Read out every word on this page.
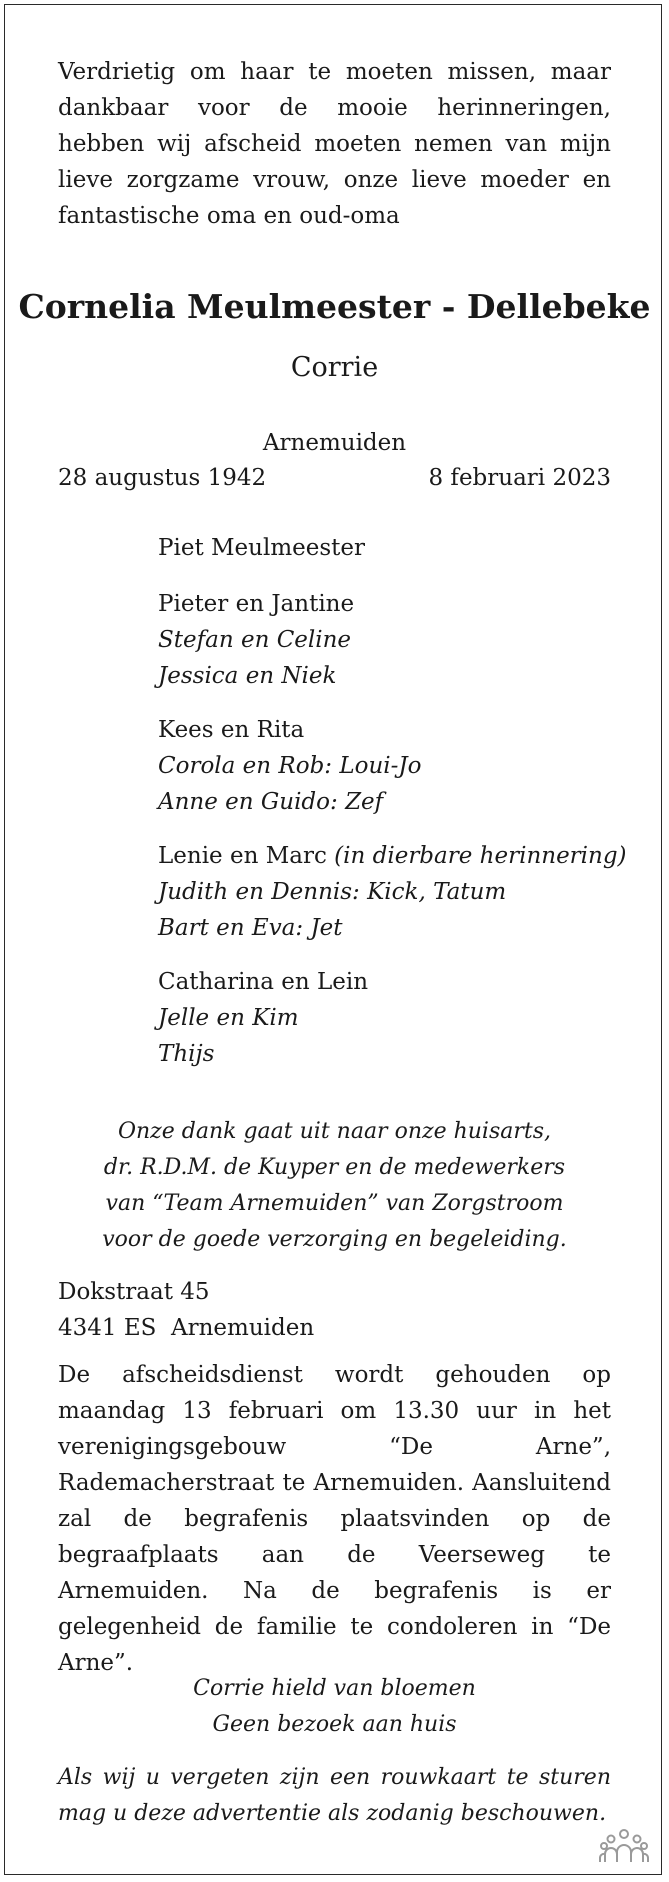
Verdrietig om haar te moeten missen, maar dankbaar voor de mooie herinneringen, hebben wij afscheid moeten nemen van mijn lieve zorgzame vrouw, onze lieve moeder en fantastische oma en oud-oma

Cornelia Meulmeester - Dellebeke
Corrie
Arnemuiden
28 augustus 1942	8 februari 2023
Piet Meulmeester
Pieter en Jantine
Stefan en Celine
Jessica en Niek
Kees en Rita
Corola en Rob: Loui-Jo
Anne en Guido: Zef
Lenie en Marc (in dierbare herinnering)
Judith en Dennis: Kick, Tatum
Bart en Eva: Jet
Catharina en Lein
Jelle en Kim
Thijs
Onze dank gaat uit naar onze huisarts,
dr. R.D.M. de Kuyper en de medewerkers
van “Team Arnemuiden” van Zorgstroom
voor de goede verzorging en begeleiding.
Dokstraat 45
4341 ES  Arnemuiden

De afscheidsdienst wordt gehouden op maandag 13 februari om 13.30 uur in het verenigingsgebouw “De Arne”, Rademacherstraat te Arnemuiden. Aansluitend zal de begrafenis plaatsvinden op de begraafplaats aan de Veerseweg te Arnemuiden. Na de begrafenis is er gelegenheid de familie te condoleren in “De Arne”.

Corrie hield van bloemen
Geen bezoek aan huis

Als wij u vergeten zijn een rouwkaart te sturen mag u deze advertentie als zodanig beschouwen.
